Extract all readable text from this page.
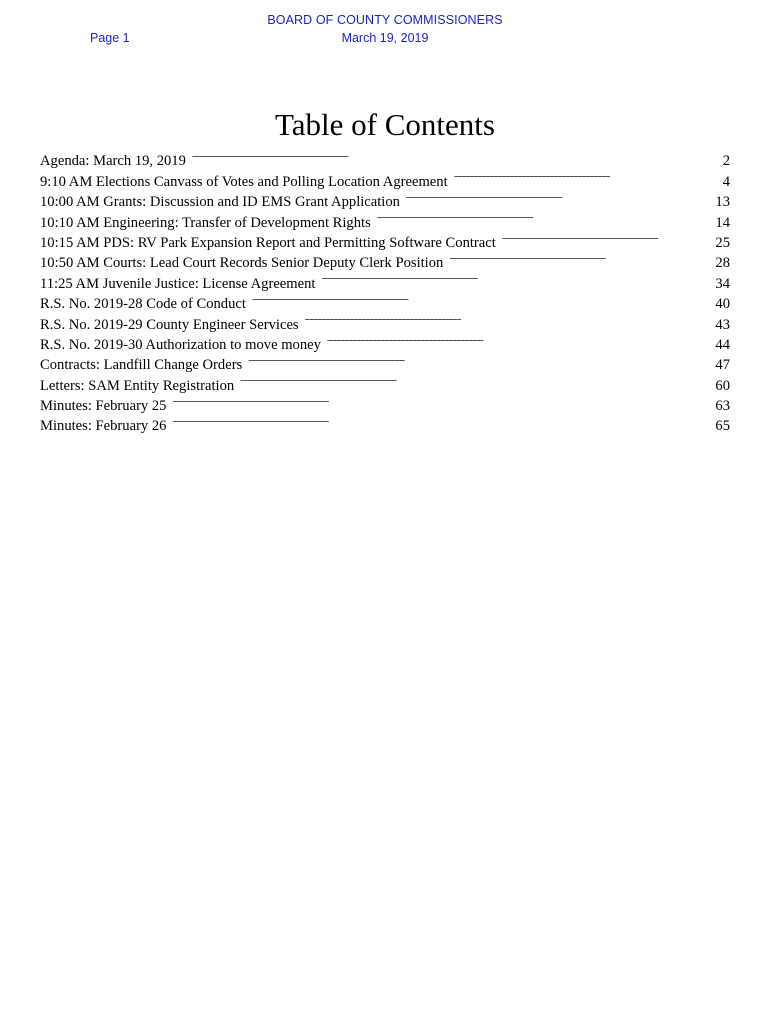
BOARD OF COUNTY COMMISSIONERS
Page 1	March 19, 2019
Table of Contents
Agenda: March 19, 2019 . . .	2
9:10 AM Elections Canvass of Votes and Polling Location Agreement . . .	4
10:00 AM Grants: Discussion and ID EMS Grant Application . . .	13
10:10 AM Engineering: Transfer of Development Rights . . .	14
10:15 AM PDS: RV Park Expansion Report and Permitting Software Contract . . .	25
10:50 AM Courts: Lead Court Records Senior Deputy Clerk Position . . .	28
11:25 AM Juvenile Justice: License Agreement . . .	34
R.S. No. 2019-28 Code of Conduct . . .	40
R.S. No. 2019-29 County Engineer Services . . .	43
R.S. No. 2019-30 Authorization to move money . . .	44
Contracts: Landfill Change Orders . . .	47
Letters: SAM Entity Registration . . .	60
Minutes: February 25 . . .	63
Minutes: February 26 . . .	65
